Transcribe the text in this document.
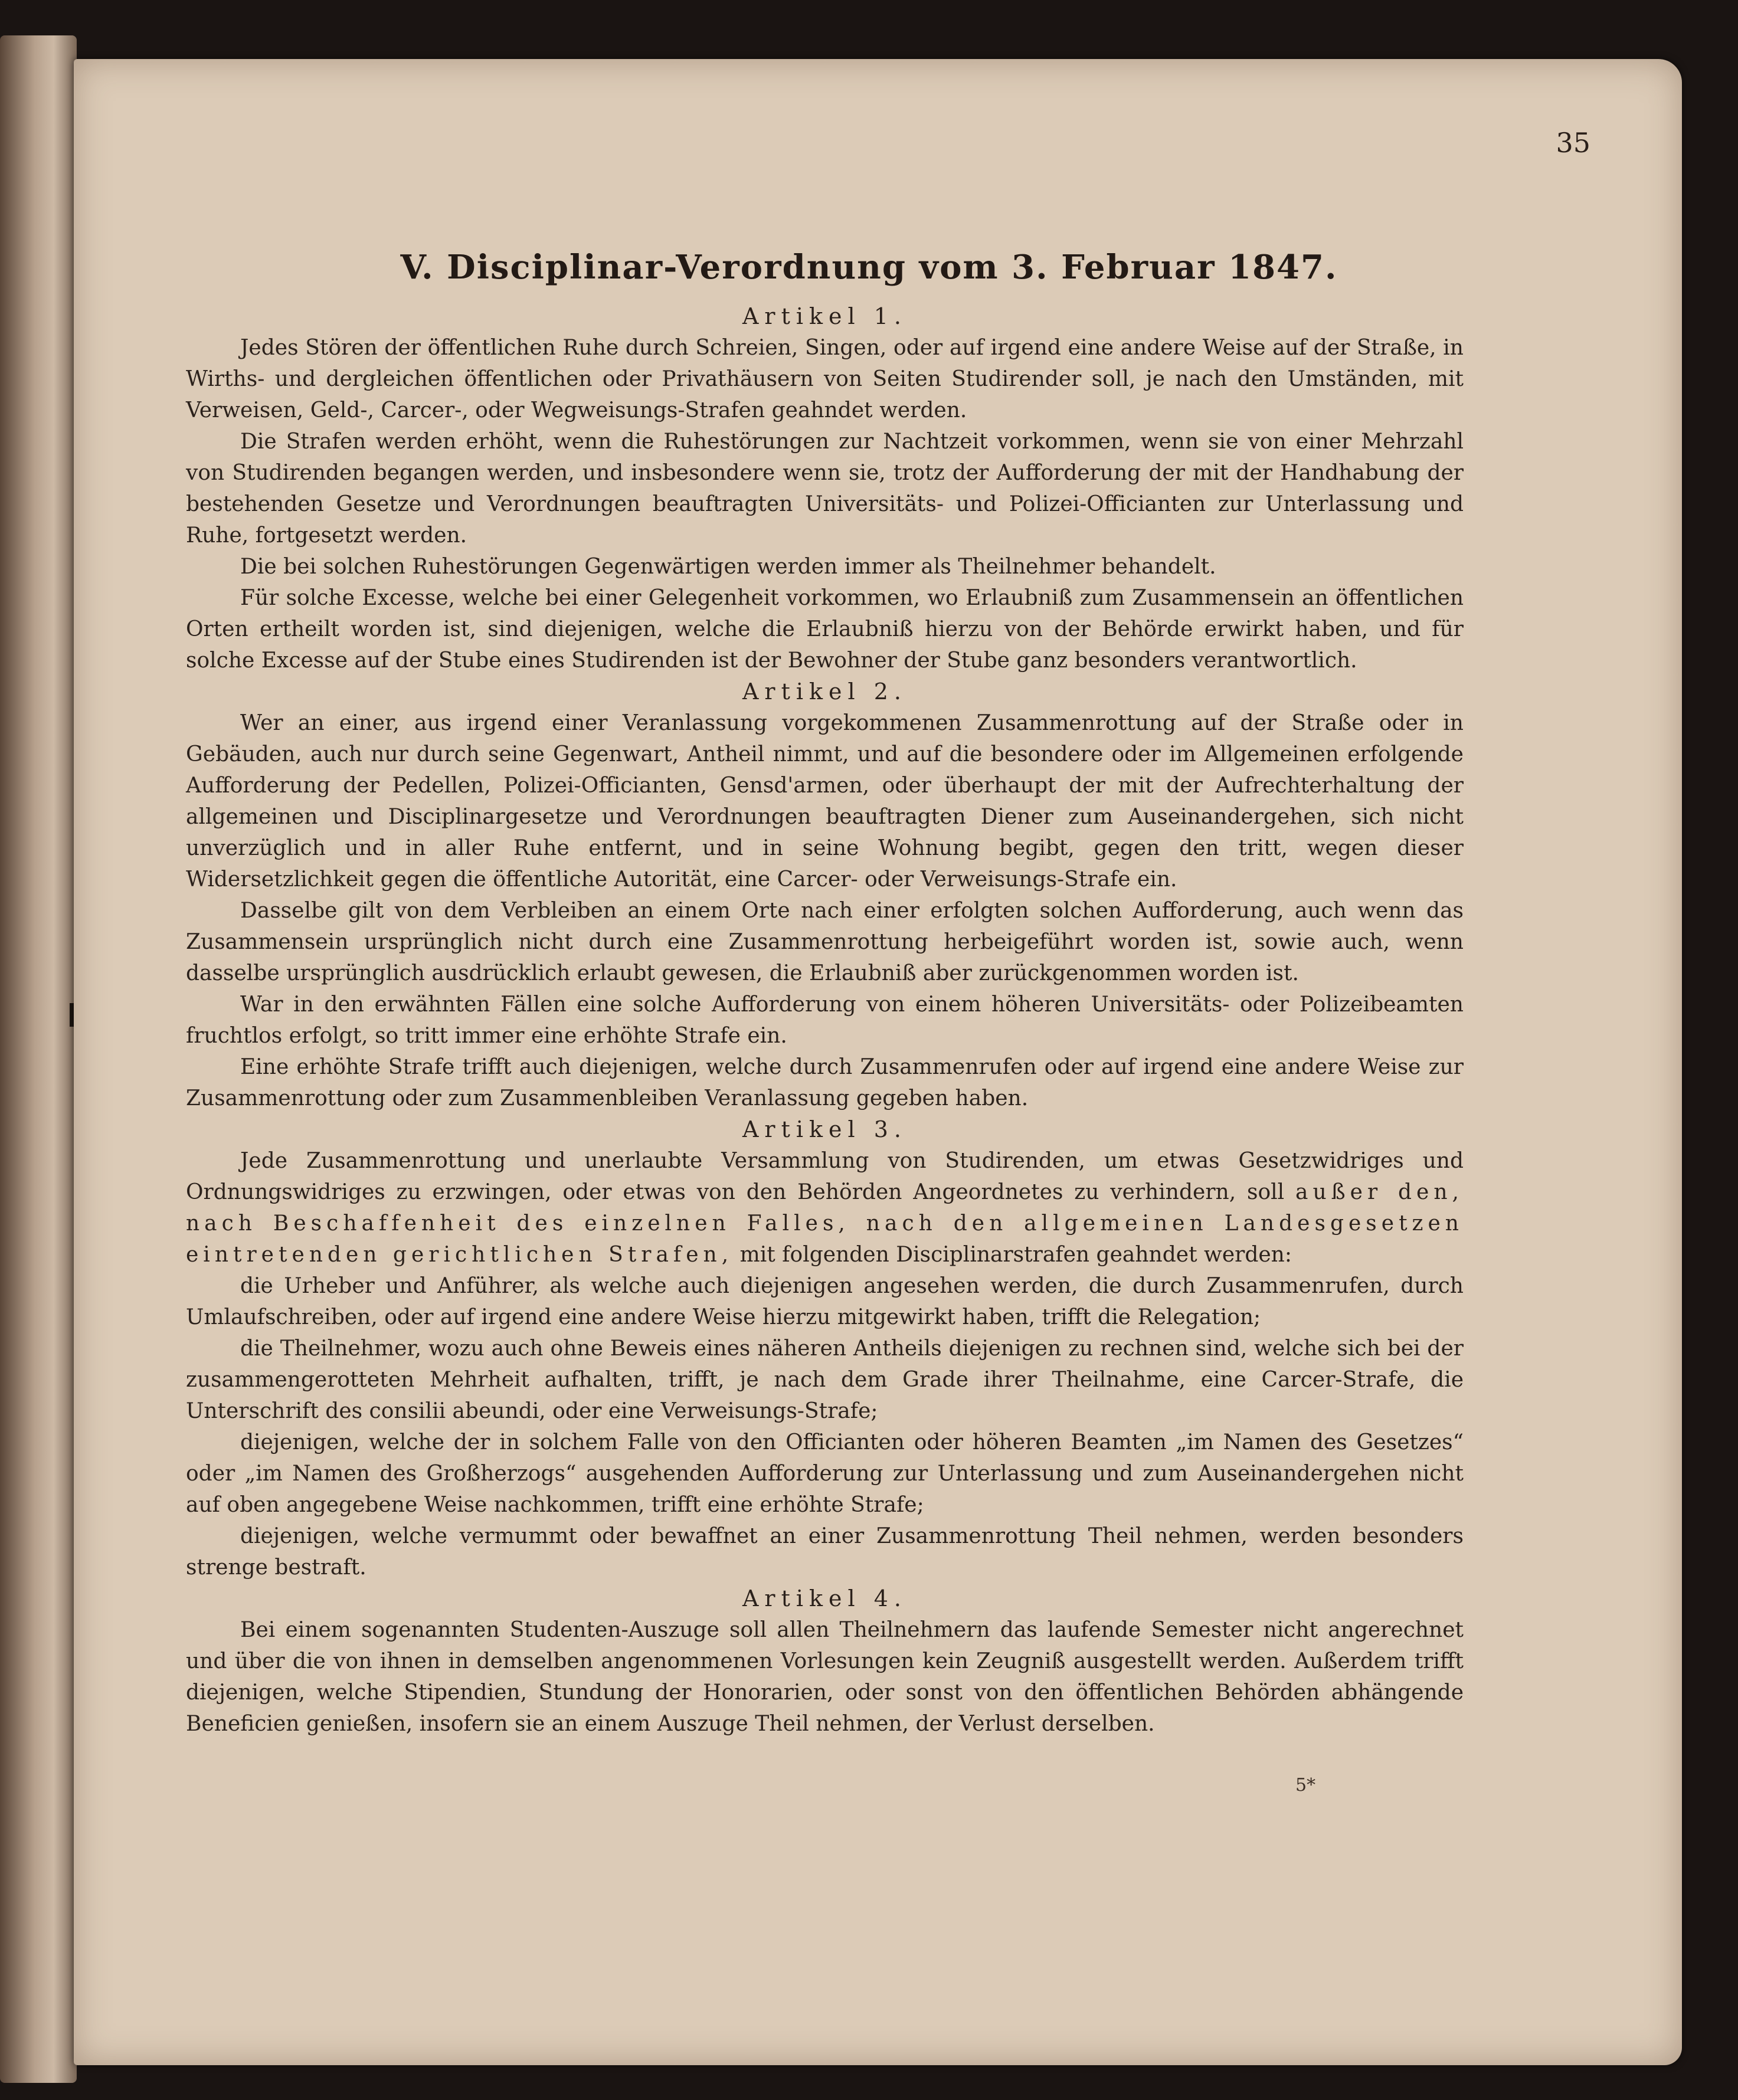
35
V. Disciplinar-Verordnung vom 3. Februar 1847.

Artikel 1.

Jedes Stören der öffentlichen Ruhe durch Schreien, Singen, oder auf irgend eine andere Weise auf der Straße, in Wirths- und dergleichen öffentlichen oder Privathäusern von Seiten Studirender soll, je nach den Umständen, mit Verweisen, Geld-, Carcer-, oder Wegweisungs-Strafen geahndet werden.

Die Strafen werden erhöht, wenn die Ruhestörungen zur Nachtzeit vorkommen, wenn sie von einer Mehrzahl von Studirenden begangen werden, und insbesondere wenn sie, trotz der Aufforderung der mit der Handhabung der bestehenden Gesetze und Verordnungen beauftragten Universitäts- und Polizei-Officianten zur Unterlassung und Ruhe, fortgesetzt werden.

Die bei solchen Ruhestörungen Gegenwärtigen werden immer als Theilnehmer behandelt.

Für solche Excesse, welche bei einer Gelegenheit vorkommen, wo Erlaubniß zum Zusammensein an öffentlichen Orten ertheilt worden ist, sind diejenigen, welche die Erlaubniß hierzu von der Behörde erwirkt haben, und für solche Excesse auf der Stube eines Studirenden ist der Bewohner der Stube ganz besonders verantwortlich.

Artikel 2.

Wer an einer, aus irgend einer Veranlassung vorgekommenen Zusammenrottung auf der Straße oder in Gebäuden, auch nur durch seine Gegenwart, Antheil nimmt, und auf die besondere oder im Allgemeinen erfolgende Aufforderung der Pedellen, Polizei-Officianten, Gensd'armen, oder überhaupt der mit der Aufrechterhaltung der allgemeinen und Disciplinargesetze und Verordnungen beauftragten Diener zum Auseinandergehen, sich nicht unverzüglich und in aller Ruhe entfernt, und in seine Wohnung begibt, gegen den tritt, wegen dieser Widersetzlichkeit gegen die öffentliche Autorität, eine Carcer- oder Verweisungs-Strafe ein.

Dasselbe gilt von dem Verbleiben an einem Orte nach einer erfolgten solchen Aufforderung, auch wenn das Zusammensein ursprünglich nicht durch eine Zusammenrottung herbeigeführt worden ist, sowie auch, wenn dasselbe ursprünglich ausdrücklich erlaubt gewesen, die Erlaubniß aber zurückgenommen worden ist.

War in den erwähnten Fällen eine solche Aufforderung von einem höheren Universitäts- oder Polizeibeamten fruchtlos erfolgt, so tritt immer eine erhöhte Strafe ein.

Eine erhöhte Strafe trifft auch diejenigen, welche durch Zusammenrufen oder auf irgend eine andere Weise zur Zusammenrottung oder zum Zusammenbleiben Veranlassung gegeben haben.

Artikel 3.

Jede Zusammenrottung und unerlaubte Versammlung von Studirenden, um etwas Gesetzwidriges und Ordnungswidriges zu erzwingen, oder etwas von den Behörden Angeordnetes zu verhindern, soll außer den, nach Beschaffenheit des einzelnen Falles, nach den allgemeinen Landesgesetzen eintretenden gerichtlichen Strafen, mit folgenden Disciplinarstrafen geahndet werden:

die Urheber und Anführer, als welche auch diejenigen angesehen werden, die durch Zusammenrufen, durch Umlaufschreiben, oder auf irgend eine andere Weise hierzu mitgewirkt haben, trifft die Relegation;

die Theilnehmer, wozu auch ohne Beweis eines näheren Antheils diejenigen zu rechnen sind, welche sich bei der zusammengerotteten Mehrheit aufhalten, trifft, je nach dem Grade ihrer Theilnahme, eine Carcer-Strafe, die Unterschrift des consilii abeundi, oder eine Verweisungs-Strafe;

diejenigen, welche der in solchem Falle von den Officianten oder höheren Beamten „im Namen des Gesetzes“ oder „im Namen des Großherzogs“ ausgehenden Aufforderung zur Unterlassung und zum Auseinandergehen nicht auf oben angegebene Weise nachkommen, trifft eine erhöhte Strafe;

diejenigen, welche vermummt oder bewaffnet an einer Zusammenrottung Theil nehmen, werden besonders strenge bestraft.

Artikel 4.

Bei einem sogenannten Studenten-Auszuge soll allen Theilnehmern das laufende Semester nicht angerechnet und über die von ihnen in demselben angenommenen Vorlesungen kein Zeugniß ausgestellt werden. Außerdem trifft diejenigen, welche Stipendien, Stundung der Honorarien, oder sonst von den öffentlichen Behörden abhängende Beneficien genießen, insofern sie an einem Auszuge Theil nehmen, der Verlust derselben.

5*
